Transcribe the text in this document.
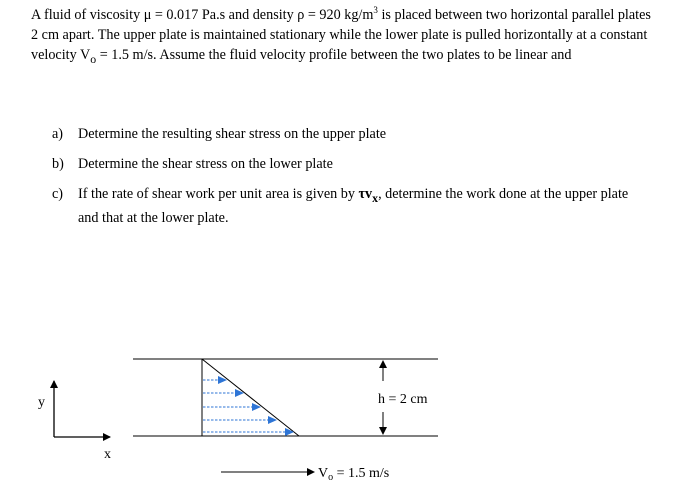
A fluid of viscosity μ = 0.017 Pa.s and density ρ = 920 $kg/m^3$ is placed between two horizontal parallel plates 2 cm apart. The upper plate is maintained stationary while the lower plate is pulled horizontally at a constant velocity $V_o = 1.5$ m/s. Assume the fluid velocity profile between the two plates to be linear and

a) Determine the resulting shear stress on the upper plate
b) Determine the shear stress on the lower plate
c) If the rate of shear work per unit area is given by $\tau v_x$, determine the work done at the upper plate and that at the lower plate.
y
x
h = 2 cm
$V_o = 1.5$ m/s
